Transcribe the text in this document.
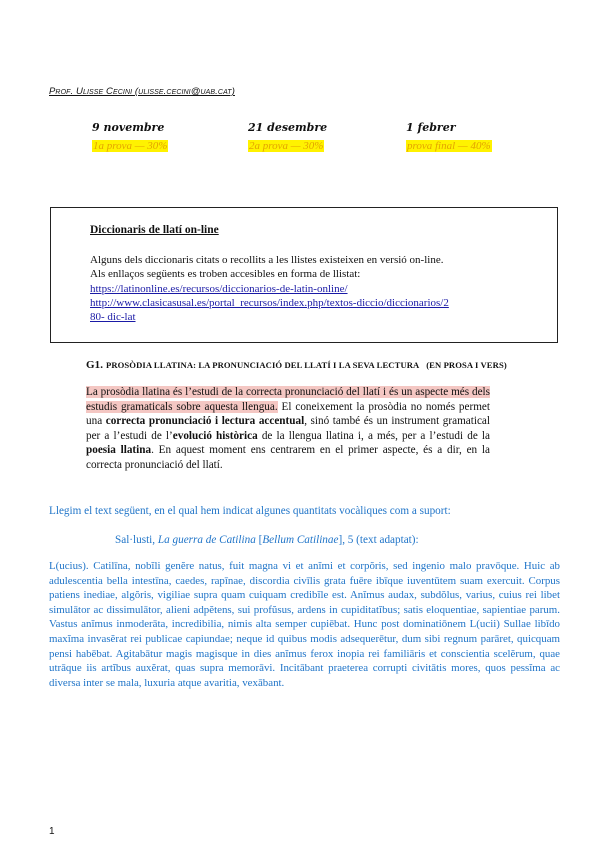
Prof. Ulisse Cecini (ulisse.cecini@uab.cat)
9 novembre
1a prova — 30%
21 desembre
2a prova — 30%
1 febrer
prova final — 40%
Diccionaris de llatí on-line
Alguns dels diccionaris citats o recollits a les llistes existeixen en versió on-line.
Als enllaços següents es troben accesibles en forma de llistat:
https://latinonline.es/recursos/diccionarios-de-latin-online/
http://www.clasicasusal.es/portal_recursos/index.php/textos-diccio/diccionarios/2
80- dic-lat
G1. PROSÒDIA LLATINA: LA PRONUNCIACIÓ DEL LLATÍ I LA SEVA LECTURA (EN PROSA I VERS)
La prosòdia llatina és l’estudi de la correcta pronunciació del llatí i és un aspecte més dels estudis gramaticals sobre aquesta llengua. El coneixement la prosòdia no només permet una correcta pronunciació i lectura accentual, sinó també és un instrument gramatical per a l’estudi de l’evolució històrica de la llengua llatina i, a més, per a l’estudi de la poesia llatina. En aquest moment ens centrarem en el primer aspecte, és a dir, en la correcta pronunciació del llatí.
Llegim el text següent, en el qual hem indicat algunes quantitats vocàliques com a suport:
Sal·lusti, La guerra de Catilina [Bellum Catilinae], 5 (text adaptat):
L(ucius). Catilīna, nobĭli genĕre natus, fuit magna vi et anĭmi et corpŏris, sed ingenio malo pravōque. Huic ab adulescentia bella intestīna, caedes, rapīnae, discordia civīlis grata fuēre ibīque iuventūtem suam exercuit. Corpus patiens inediae, algŏris, vigiliae supra quam cuiquam credibĭle est. Anĭmus audax, subdŏlus, varius, cuius rei libet simulātor ac dissimulātor, alieni adpĕtens, sui profŭsus, ardens in cupiditatĭbus; satis eloquentiae, sapientiae parum. Vastus anĭmus inmoderāta, incredibilia, nimis alta semper cupiēbat. Hunc post dominatiōnem L(ucii) Sullae libīdo maxĭma invasĕrat rei publicae capiundae; neque id quibus modis adsequerētur, dum sibi regnum parāret, quicquam pensi habēbat. Agitabātur magis magisque in dies anĭmus ferox inopia rei familiāris et conscientia scelĕrum, quae utrāque iis artĭbus auxĕrat, quas supra memorāvi. Incitābant praeterea corrupti civitātis mores, quos pessĭma ac diversa inter se mala, luxuria atque avaritia, vexābant.
1
